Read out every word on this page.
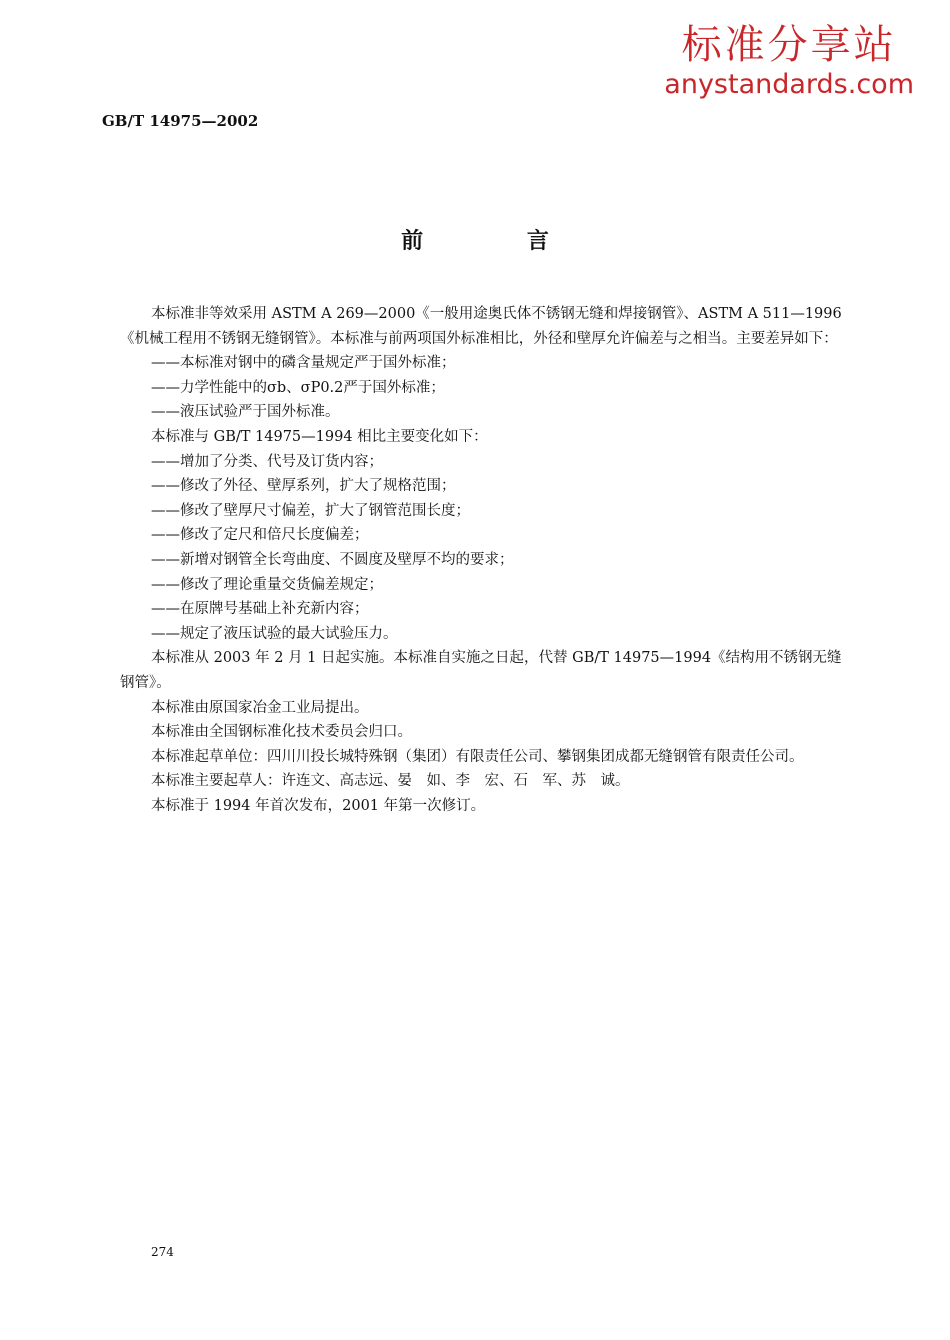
标准分享站
anystandards.com
GB/T 14975—2002
前 言

本标准非等效采用 ASTM A 269—2000《一般用途奥氏体不锈钢无缝和焊接钢管》、ASTM A 511—1996《机械工程用不锈钢无缝钢管》。本标准与前两项国外标准相比，外径和壁厚允许偏差与之相当。主要差异如下：

——本标准对钢中的磷含量规定严于国外标准；

——力学性能中的σb、σP0.2严于国外标准；

——液压试验严于国外标准。

本标准与 GB/T 14975—1994 相比主要变化如下：

——增加了分类、代号及订货内容；

——修改了外径、壁厚系列，扩大了规格范围；

——修改了壁厚尺寸偏差，扩大了钢管范围长度；

——修改了定尺和倍尺长度偏差；

——新增对钢管全长弯曲度、不圆度及壁厚不均的要求；

——修改了理论重量交货偏差规定；

——在原牌号基础上补充新内容；

——规定了液压试验的最大试验压力。

本标准从 2003 年 2 月 1 日起实施。本标准自实施之日起，代替 GB/T 14975—1994《结构用不锈钢无缝钢管》。

本标准由原国家冶金工业局提出。

本标准由全国钢标准化技术委员会归口。

本标准起草单位：四川川投长城特殊钢（集团）有限责任公司、攀钢集团成都无缝钢管有限责任公司。

本标准主要起草人：许连文、高志远、晏　如、李　宏、石　军、苏　诚。

本标准于 1994 年首次发布，2001 年第一次修订。

274
